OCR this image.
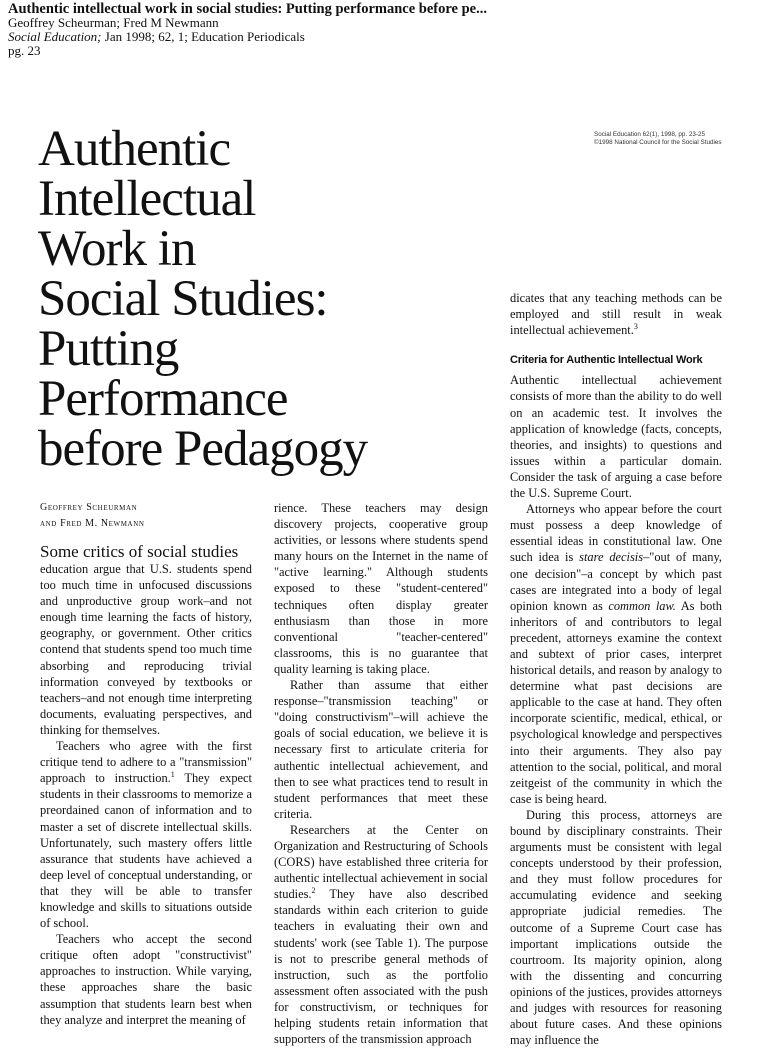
Authentic intellectual work in social studies: Putting performance before pe...
Geoffrey Scheurman; Fred M Newmann
Social Education; Jan 1998; 62, 1; Education Periodicals
pg. 23
Social Education 62(1), 1998, pp. 23-25
©1998 National Council for the Social Studies
Authentic
Intellectual
Work in
Social Studies:
Putting
Performance
before Pedagogy
Geoffrey Scheurman
and Fred M. Newmann

Some critics of social studies

education argue that U.S. students spend too much time in unfocused discussions and unproductive group work–and not enough time learning the facts of history, geography, or government. Other critics contend that students spend too much time absorbing and reproducing trivial information conveyed by textbooks or teachers–and not enough time interpreting documents, evaluating perspectives, and thinking for themselves.

Teachers who agree with the first critique tend to adhere to a "transmission" approach to instruction.$^1$ They expect students in their classrooms to memorize a preordained canon of information and to master a set of discrete intellectual skills. Unfortunately, such mastery offers little assurance that students have achieved a deep level of conceptual understanding, or that they will be able to transfer knowledge and skills to situations outside of school.

Teachers who accept the second critique often adopt "constructivist" approaches to instruction. While varying, these approaches share the basic assumption that students learn best when they analyze and interpret the meaning of

rience. These teachers may design discovery projects, cooperative group activities, or lessons where students spend many hours on the Internet in the name of "active learning." Although students exposed to these "student-centered" techniques often display greater enthusiasm than those in more conventional "teacher-centered" classrooms, this is no guarantee that quality learning is taking place.

Rather than assume that either response–"transmission teaching" or "doing constructivism"–will achieve the goals of social education, we believe it is necessary first to articulate criteria for authentic intellectual achievement, and then to see what practices tend to result in student performances that meet these criteria.

Researchers at the Center on Organization and Restructuring of Schools (CORS) have established three criteria for authentic intellectual achievement in social studies.$^2$ They have also described standards within each criterion to guide teachers in evaluating their own and students' work (see Table 1). The purpose is not to prescribe general methods of instruction, such as the portfolio assessment often associated with the push for constructivism, or techniques for helping students retain information that supporters of the transmission approach

dicates that any teaching methods can be employed and still result in weak intellectual achievement.$^3$

Criteria for Authentic Intellectual Work

Authentic intellectual achievement consists of more than the ability to do well on an academic test. It involves the application of knowledge (facts, concepts, theories, and insights) to questions and issues within a particular domain. Consider the task of arguing a case before the U.S. Supreme Court.

Attorneys who appear before the court must possess a deep knowledge of essential ideas in constitutional law. One such idea is stare decisis–"out of many, one decision"–a concept by which past cases are integrated into a body of legal opinion known as common law. As both inheritors of and contributors to legal precedent, attorneys examine the context and subtext of prior cases, interpret historical details, and reason by analogy to determine what past decisions are applicable to the case at hand. They often incorporate scientific, medical, ethical, or psychological knowledge and perspectives into their arguments. They also pay attention to the social, political, and moral zeitgeist of the community in which the case is being heard.

During this process, attorneys are bound by disciplinary constraints. Their arguments must be consistent with legal concepts understood by their profession, and they must follow procedures for accumulating evidence and seeking appropriate judicial remedies. The outcome of a Supreme Court case has important implications outside the courtroom. Its majority opinion, along with the dissenting and concurring opinions of the justices, provides attorneys and judges with resources for reasoning about future cases. And these opinions may influence the
